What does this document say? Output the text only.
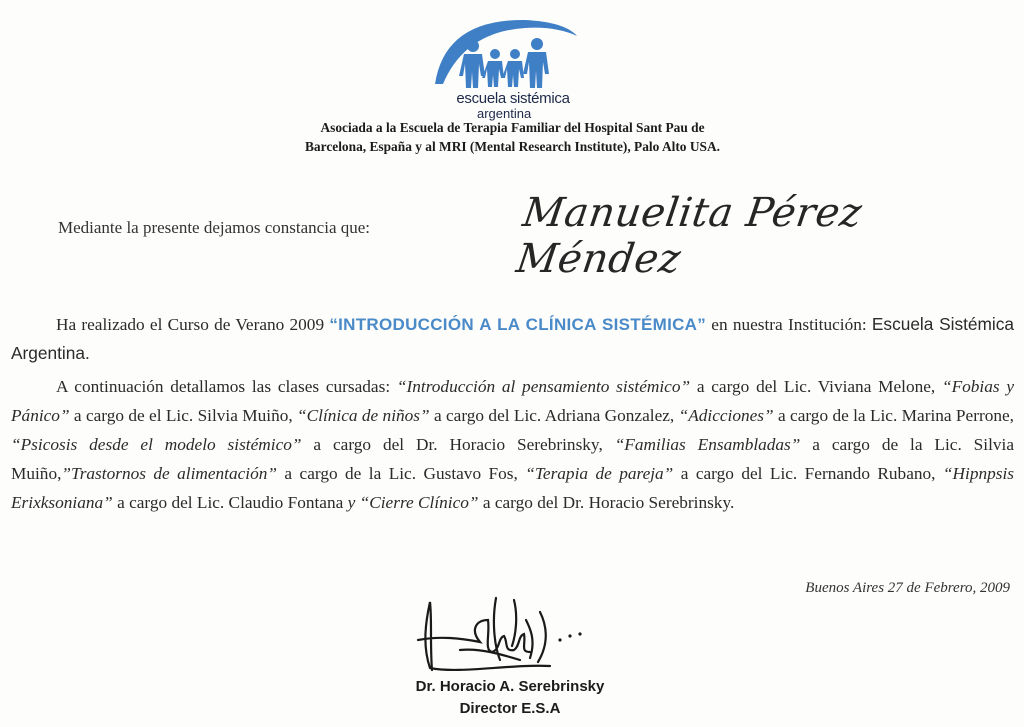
escuela sistémica
argentina
Asociada a la Escuela de Terapia Familiar del Hospital Sant Pau de
Barcelona, España y al MRI (Mental Research Institute), Palo Alto USA.
Mediante la presente dejamos constancia que:	Manuelita Pérez Méndez

Ha realizado el Curso de Verano 2009 “INTRODUCCIÓN A LA CLÍNICA SISTÉMICA” en nuestra Institución: Escuela Sistémica Argentina.

A continuación detallamos las clases cursadas: “Introducción al pensamiento sistémico” a cargo del Lic. Viviana Melone, “Fobias y Pánico” a cargo de el Lic. Silvia Muiño, “Clínica de niños” a cargo del Lic. Adriana Gonzalez, “Adicciones” a cargo de la Lic. Marina Perrone, “Psicosis desde el modelo sistémico” a cargo del Dr. Horacio Serebrinsky, “Familias Ensambladas” a cargo de la Lic. Silvia Muiño,”Trastornos de alimentación” a cargo de la Lic. Gustavo Fos, “Terapia de pareja” a cargo del Lic. Fernando Rubano, “Hipnpsis Erixksoniana” a cargo del Lic. Claudio Fontana y “Cierre Clínico” a cargo del Dr. Horacio Serebrinsky.

Buenos Aires 27 de Febrero, 2009
Dr. Horacio A. Serebrinsky
Director E.S.A
